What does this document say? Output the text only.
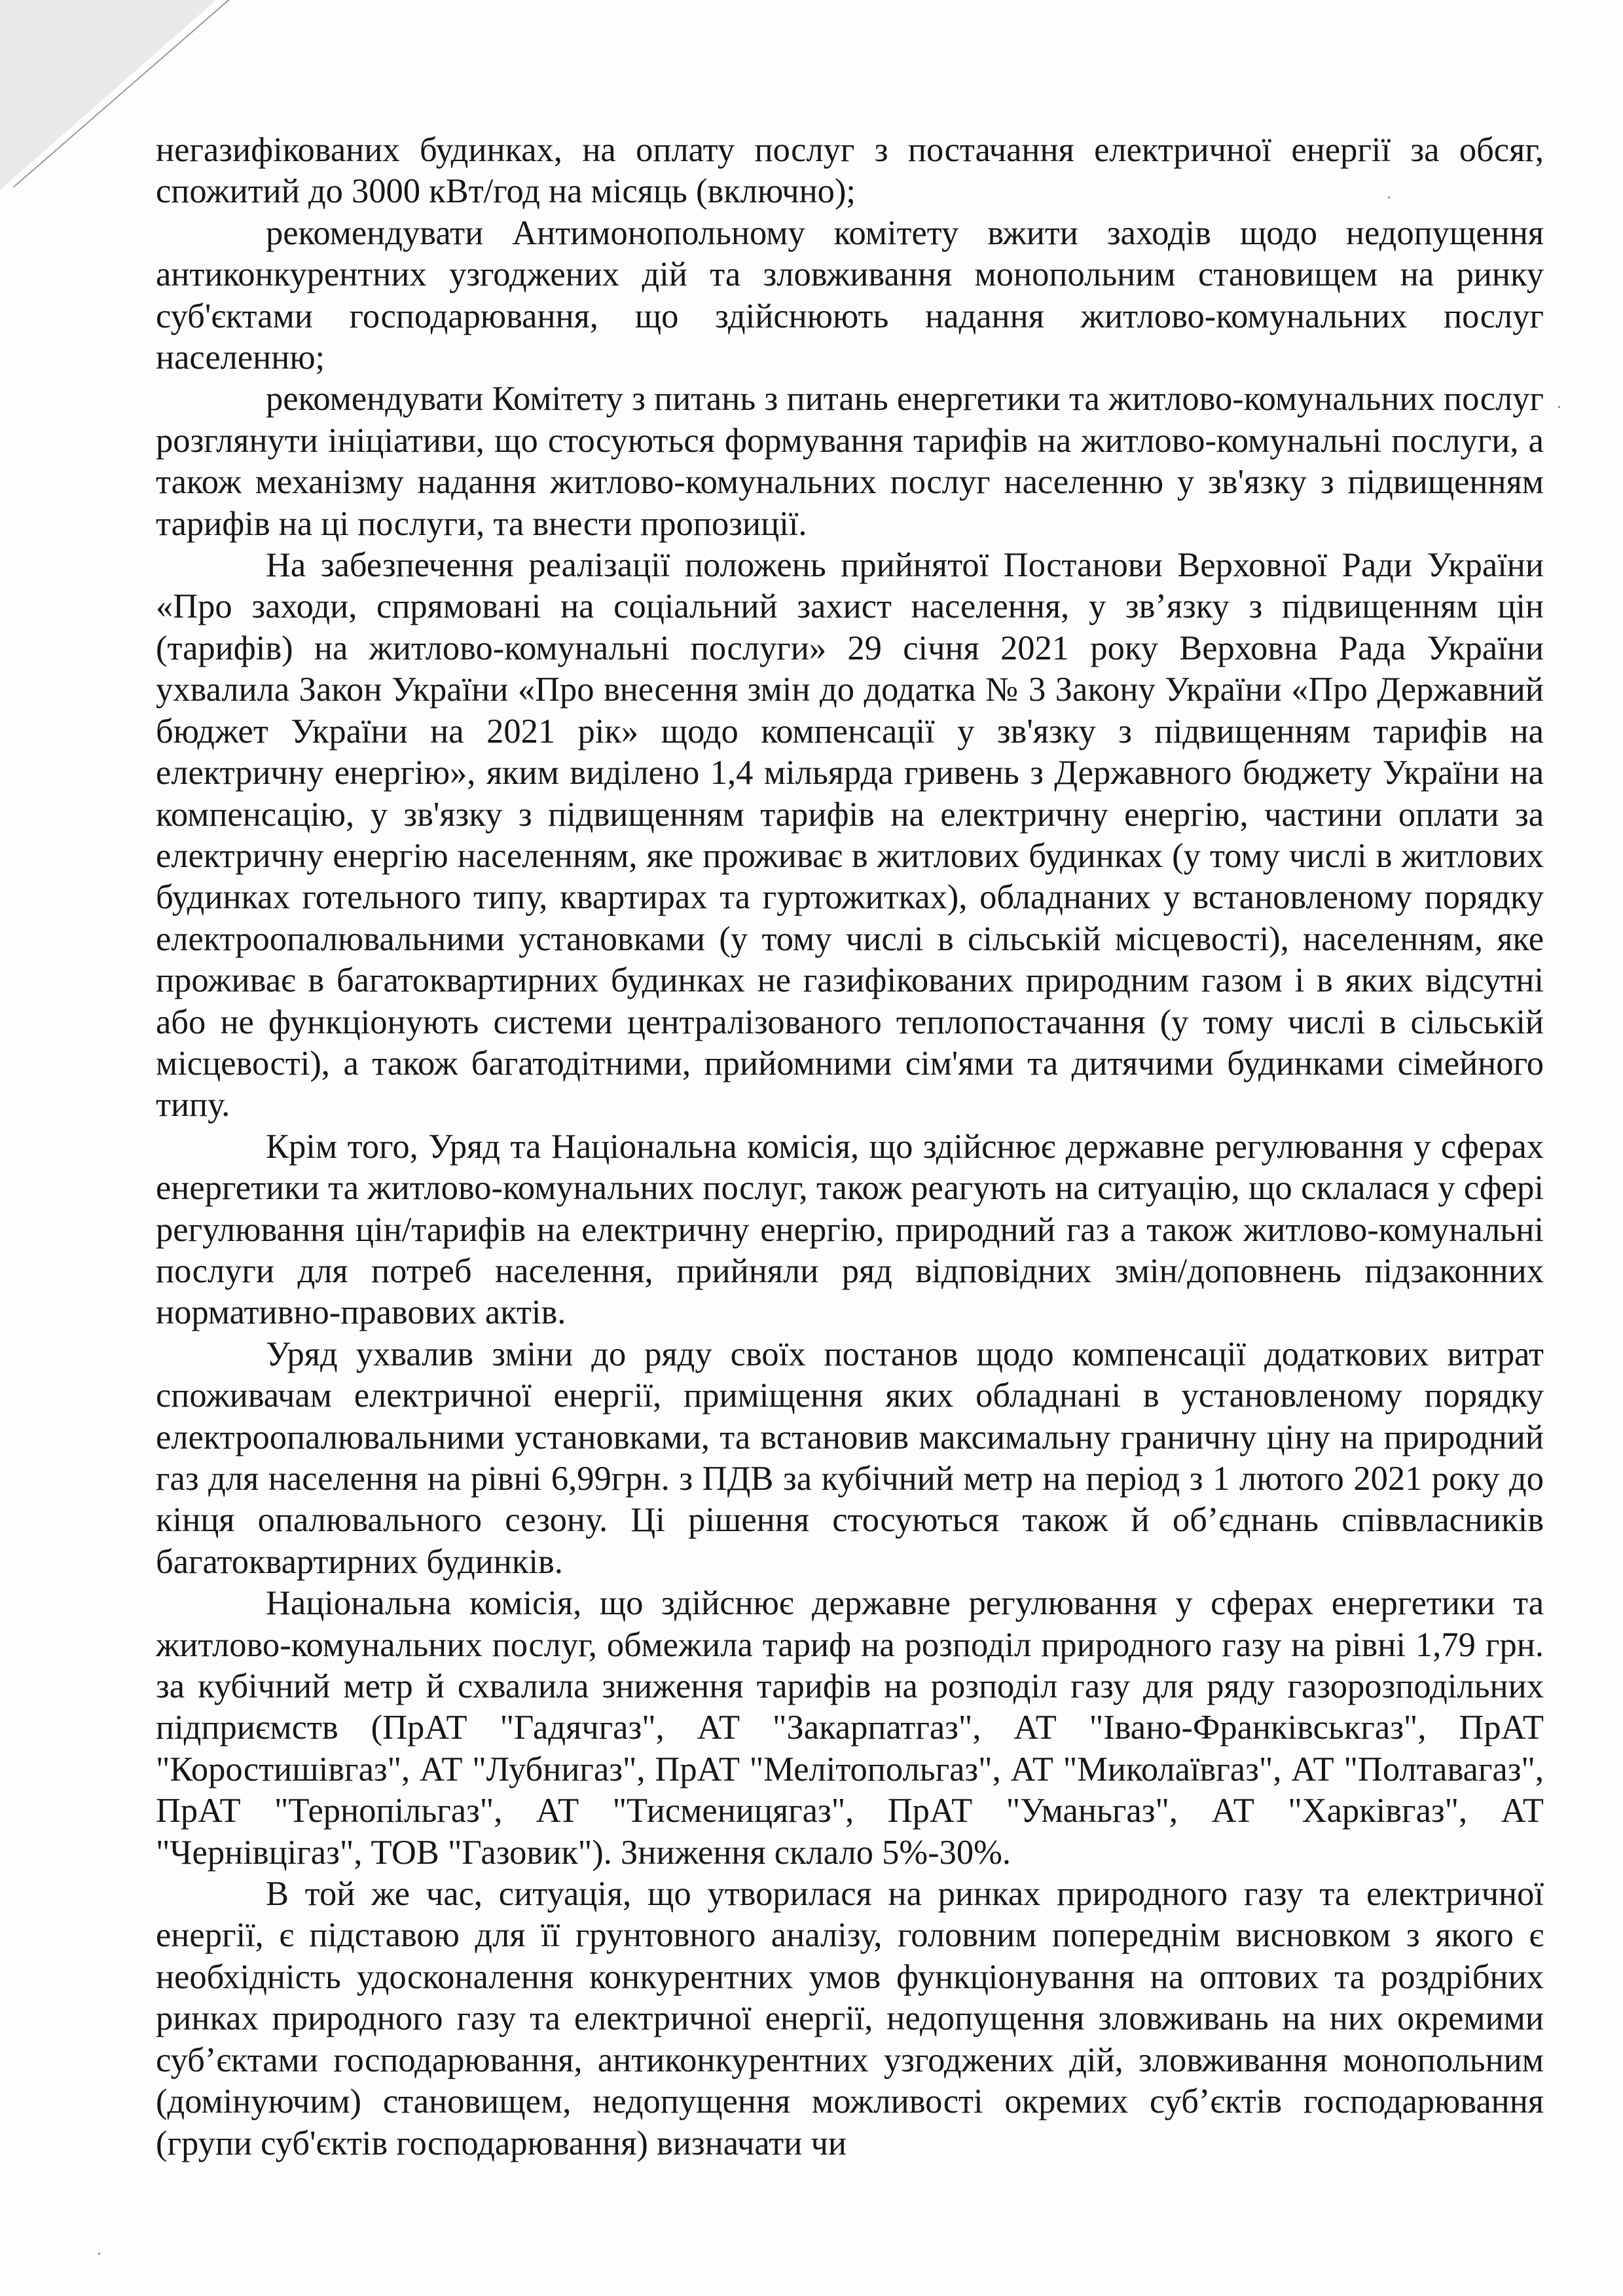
негазифікованих будинках, на оплату послуг з постачання електричної енергії за обсяг, спожитий до 3000 кВт/год на місяць (включно);

рекомендувати Антимонопольному комітету вжити заходів щодо недопущення антиконкурентних узгоджених дій та зловживання монопольним становищем на ринку суб'єктами господарювання, що здійснюють надання житлово-комунальних послуг населенню;

рекомендувати Комітету з питань з питань енергетики та житлово-комунальних послуг розглянути ініціативи, що стосуються формування тарифів на житлово-комунальні послуги, а також механізму надання житлово-комунальних послуг населенню у зв'язку з підвищенням тарифів на ці послуги, та внести пропозиції.

На забезпечення реалізації положень прийнятої Постанови Верховної Ради України «Про заходи, спрямовані на соціальний захист населення, у зв’язку з підвищенням цін (тарифів) на житлово-комунальні послуги» 29 січня 2021 року Верховна Рада України ухвалила Закон України «Про внесення змін до додатка № 3 Закону України «Про Державний бюджет України на 2021 рік» щодо компенсації у зв'язку з підвищенням тарифів на електричну енергію», яким виділено 1,4 мільярда гривень з Державного бюджету України на компенсацію, у зв'язку з підвищенням тарифів на електричну енергію, частини оплати за електричну енергію населенням, яке проживає в житлових будинках (у тому числі в житлових будинках готельного типу, квартирах та гуртожитках), обладнаних у встановленому порядку електроопалювальними установками (у тому числі в сільській місцевості), населенням, яке проживає в багатоквартирних будинках не газифікованих природним газом і в яких відсутні або не функціонують системи централізованого теплопостачання (у тому числі в сільській місцевості), а також багатодітними, прийомними сім'ями та дитячими будинками сімейного типу.

Крім того, Уряд та Національна комісія, що здійснює державне регулювання у сферах енергетики та житлово-комунальних послуг, також реагують на ситуацію, що склалася у сфері регулювання цін/тарифів на електричну енергію, природний газ а також житлово-комунальні послуги для потреб населення, прийняли ряд відповідних змін/доповнень підзаконних нормативно-правових актів.

Уряд ухвалив зміни до ряду своїх постанов щодо компенсації додаткових витрат споживачам електричної енергії, приміщення яких обладнані в установленому порядку електроопалювальними установками, та встановив максимальну граничну ціну на природний газ для населення на рівні 6,99грн. з ПДВ за кубічний метр на період з 1 лютого 2021 року до кінця опалювального сезону. Ці рішення стосуються також й об’єднань співвласників багатоквартирних будинків.

Національна комісія, що здійснює державне регулювання у сферах енергетики та житлово-комунальних послуг, обмежила тариф на розподіл природного газу на рівні 1,79 грн. за кубічний метр й схвалила зниження тарифів на розподіл газу для ряду газорозподільних підприємств (ПрАТ "Гадячгаз", АТ "Закарпатгаз", АТ "Івано-Франківськгаз", ПрАТ "Коростишівгаз", АТ "Лубнигаз", ПрАТ "Мелітопольгаз", АТ "Миколаївгаз", АТ "Полтавагаз", ПрАТ "Тернопільгаз", АТ "Тисменицягаз", ПрАТ "Уманьгаз", АТ "Харківгаз", АТ "Чернівцігаз", ТОВ "Газовик"). Зниження склало 5%-30%.

В той же час, ситуація, що утворилася на ринках природного газу та електричної енергії, є підставою для її грунтовного аналізу, головним попереднім висновком з якого є необхідність удосконалення конкурентних умов функціонування на оптових та роздрібних ринках природного газу та електричної енергії, недопущення зловживань на них окремими суб’єктами господарювання, антиконкурентних узгоджених дій, зловживання монопольним (домінуючим) становищем, недопущення можливості окремих суб’єктів господарювання (групи суб'єктів господарювання) визначати чи
